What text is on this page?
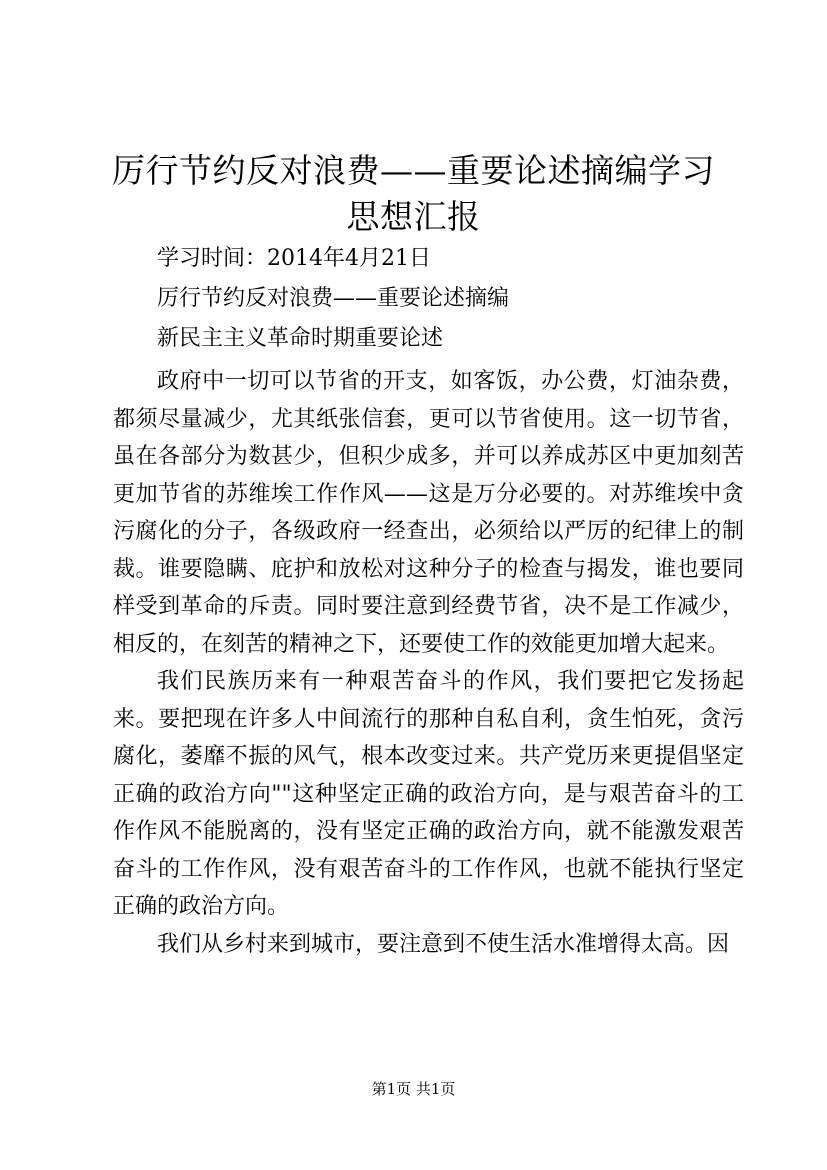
厉行节约反对浪费——重要论述摘编学习思想汇报

学习时间：2014年4月21日

厉行节约反对浪费——重要论述摘编

新民主主义革命时期重要论述

政府中一切可以节省的开支，如客饭，办公费，灯油杂费，都须尽量减少，尤其纸张信套，更可以节省使用。这一切节省，虽在各部分为数甚少，但积少成多，并可以养成苏区中更加刻苦更加节省的苏维埃工作作风——这是万分必要的。对苏维埃中贪污腐化的分子，各级政府一经查出，必须给以严厉的纪律上的制裁。谁要隐瞒、庇护和放松对这种分子的检查与揭发，谁也要同样受到革命的斥责。同时要注意到经费节省，决不是工作减少，相反的，在刻苦的精神之下，还要使工作的效能更加增大起来。

我们民族历来有一种艰苦奋斗的作风，我们要把它发扬起来。要把现在许多人中间流行的那种自私自利，贪生怕死，贪污腐化，萎靡不振的风气，根本改变过来。共产党历来更提倡坚定正确的政治方向""这种坚定正确的政治方向，是与艰苦奋斗的工作作风不能脱离的，没有坚定正确的政治方向，就不能激发艰苦奋斗的工作作风，没有艰苦奋斗的工作作风，也就不能执行坚定正确的政治方向。

我们从乡村来到城市，要注意到不使生活水准增得太高。因

第1页 共1页
